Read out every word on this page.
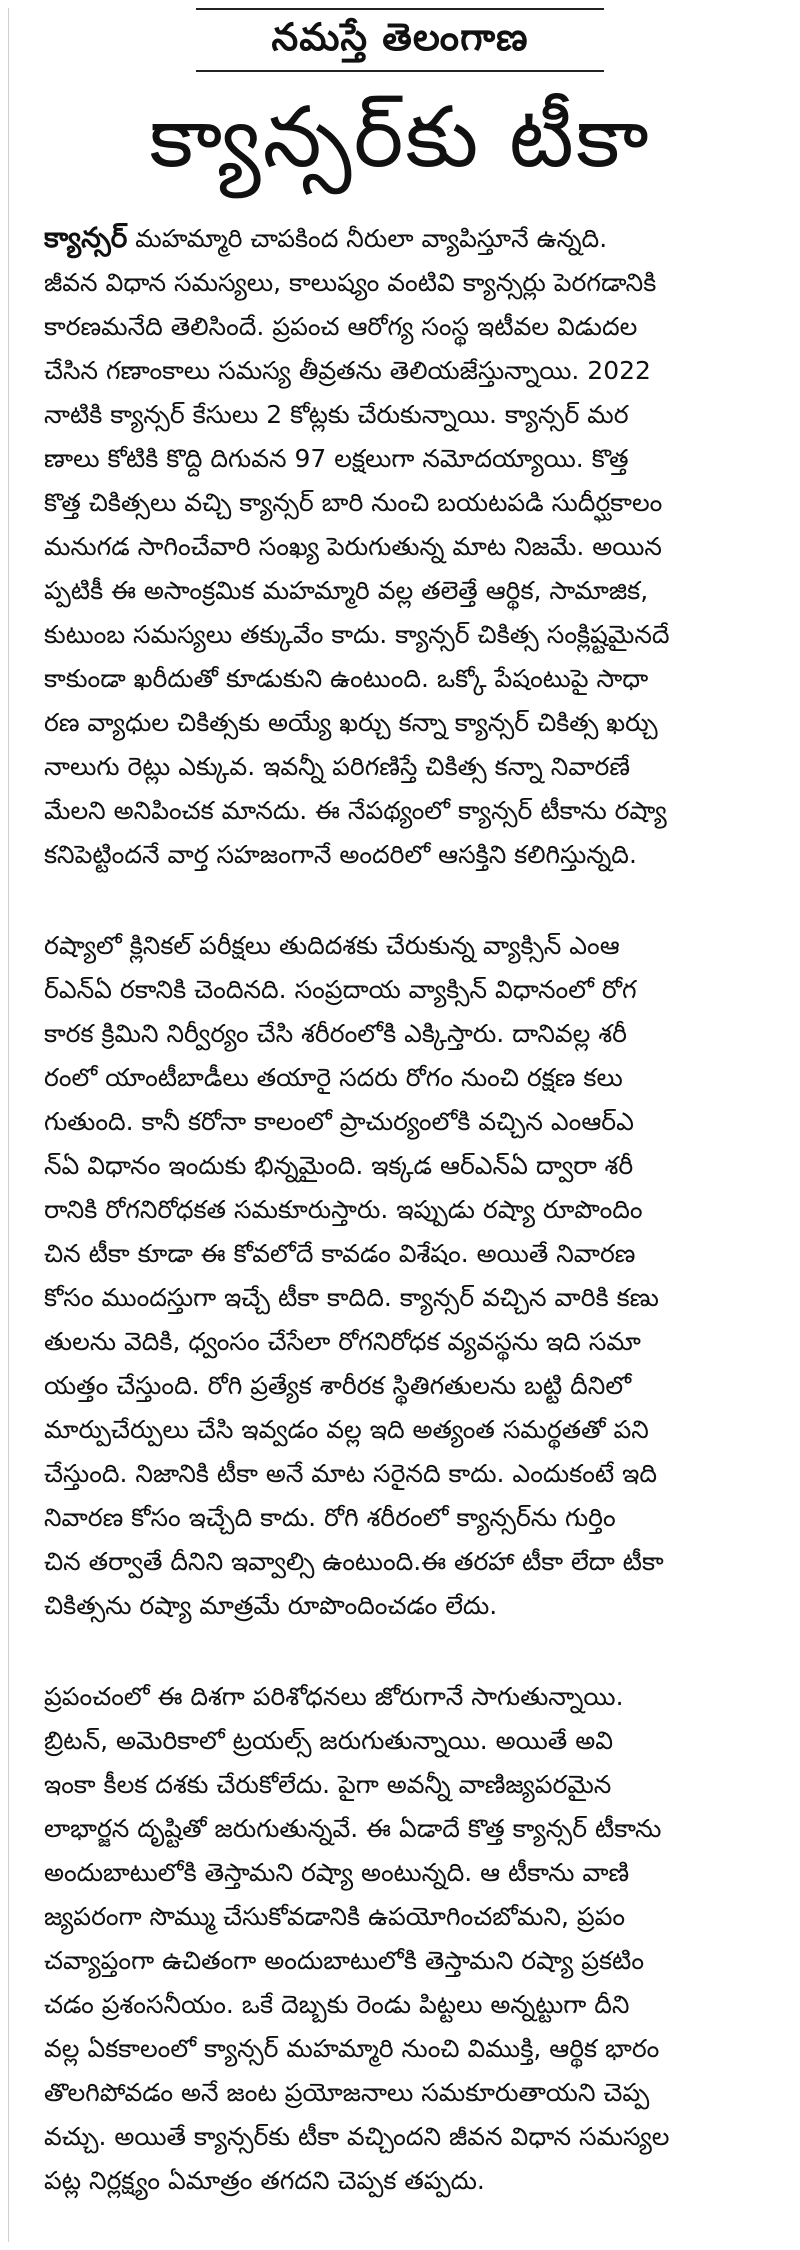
నమస్తే తెలంగాణ
క్యాన్సర్‌కు టీకా
క్యాన్సర్ మహమ్మారి చాపకింద నీరులా వ్యాపిస్తూనే ఉన్నది.
జీవన విధాన సమస్యలు, కాలుష్యం వంటివి క్యాన్సర్లు పెరగడానికి
కారణమనేది తెలిసిందే. ప్రపంచ ఆరోగ్య సంస్థ ఇటీవల విడుదల
చేసిన గణాంకాలు సమస్య తీవ్రతను తెలియజేస్తున్నాయి. 2022
నాటికి క్యాన్సర్ కేసులు 2 కోట్లకు చేరుకున్నాయి. క్యాన్సర్ మర
ణాలు కోటికి కొద్ది దిగువన 97 లక్షలుగా నమోదయ్యాయి. కొత్త
కొత్త చికిత్సలు వచ్చి క్యాన్సర్ బారి నుంచి బయటపడి సుదీర్ఘకాలం
మనుగడ సాగించేవారి సంఖ్య పెరుగుతున్న మాట నిజమే. అయిన
ప్పటికీ ఈ అసాంక్రమిక మహమ్మారి వల్ల తలెత్తే ఆర్థిక, సామాజిక,
కుటుంబ సమస్యలు తక్కువేం కాదు. క్యాన్సర్ చికిత్స సంక్లిష్టమైనదే
కాకుండా ఖరీదుతో కూడుకుని ఉంటుంది. ఒక్కో పేషంటుపై సాధా
రణ వ్యాధుల చికిత్సకు అయ్యే ఖర్చు కన్నా క్యాన్సర్ చికిత్స ఖర్చు
నాలుగు రెట్లు ఎక్కువ. ఇవన్నీ పరిగణిస్తే చికిత్స కన్నా నివారణే
మేలని అనిపించక మానదు. ఈ నేపథ్యంలో క్యాన్సర్ టీకాను రష్యా
కనిపెట్టిందనే వార్త సహజంగానే అందరిలో ఆసక్తిని కలిగిస్తున్నది.
రష్యాలో క్లినికల్ పరీక్షలు తుదిదశకు చేరుకున్న వ్యాక్సిన్ ఎంఆ
ర్ఎన్ఏ రకానికి చెందినది. సంప్రదాయ వ్యాక్సిన్ విధానంలో రోగ
కారక క్రిమిని నిర్వీర్యం చేసి శరీరంలోకి ఎక్కిస్తారు. దానివల్ల శరీ
రంలో యాంటీబాడీలు తయారై సదరు రోగం నుంచి రక్షణ కలు
గుతుంది. కానీ కరోనా కాలంలో ప్రాచుర్యంలోకి వచ్చిన ఎంఆర్ఎ
న్ఏ విధానం ఇందుకు భిన్నమైంది. ఇక్కడ ఆర్ఎన్ఏ ద్వారా శరీ
రానికి రోగనిరోధకత సమకూరుస్తారు. ఇప్పుడు రష్యా రూపొందిం
చిన టీకా కూడా ఈ కోవలోదే కావడం విశేషం. అయితే నివారణ
కోసం ముందస్తుగా ఇచ్చే టీకా కాదిది. క్యాన్సర్ వచ్చిన వారికి కణు
తులను వెదికి, ధ్వంసం చేసేలా రోగనిరోధక వ్యవస్థను ఇది సమా
యత్తం చేస్తుంది. రోగి ప్రత్యేక శారీరక స్థితిగతులను బట్టి దీనిలో
మార్పుచేర్పులు చేసి ఇవ్వడం వల్ల ఇది అత్యంత సమర్థతతో పని
చేస్తుంది. నిజానికి టీకా అనే మాట సరైనది కాదు. ఎందుకంటే ఇది
నివారణ కోసం ఇచ్చేది కాదు. రోగి శరీరంలో క్యాన్సర్‌ను గుర్తిం
చిన తర్వాతే దీనిని ఇవ్వాల్సి ఉంటుంది.ఈ తరహా టీకా లేదా టీకా
చికిత్సను రష్యా మాత్రమే రూపొందించడం లేదు.
ప్రపంచంలో ఈ దిశగా పరిశోధనలు జోరుగానే సాగుతున్నాయి.
బ్రిటన్, అమెరికాలో ట్రయల్స్ జరుగుతున్నాయి. అయితే అవి
ఇంకా కీలక దశకు చేరుకోలేదు. పైగా అవన్నీ వాణిజ్యపరమైన
లాభార్జన దృష్టితో జరుగుతున్నవే. ఈ ఏడాదే కొత్త క్యాన్సర్ టీకాను
అందుబాటులోకి తెస్తామని రష్యా అంటున్నది. ఆ టీకాను వాణి
జ్యపరంగా సొమ్ము చేసుకోవడానికి ఉపయోగించబోమని, ప్రపం
చవ్యాప్తంగా ఉచితంగా అందుబాటులోకి తెస్తామని రష్యా ప్రకటిం
చడం ప్రశంసనీయం. ఒకే దెబ్బకు రెండు పిట్టలు అన్నట్టుగా దీని
వల్ల ఏకకాలంలో క్యాన్సర్ మహమ్మారి నుంచి విముక్తి, ఆర్థిక భారం
తొలగిపోవడం అనే జంట ప్రయోజనాలు సమకూరుతాయని చెప్ప
వచ్చు. అయితే క్యాన్సర్‌కు టీకా వచ్చిందని జీవన విధాన సమస్యల
పట్ల నిర్లక్ష్యం ఏమాత్రం తగదని చెప్పక తప్పదు.
